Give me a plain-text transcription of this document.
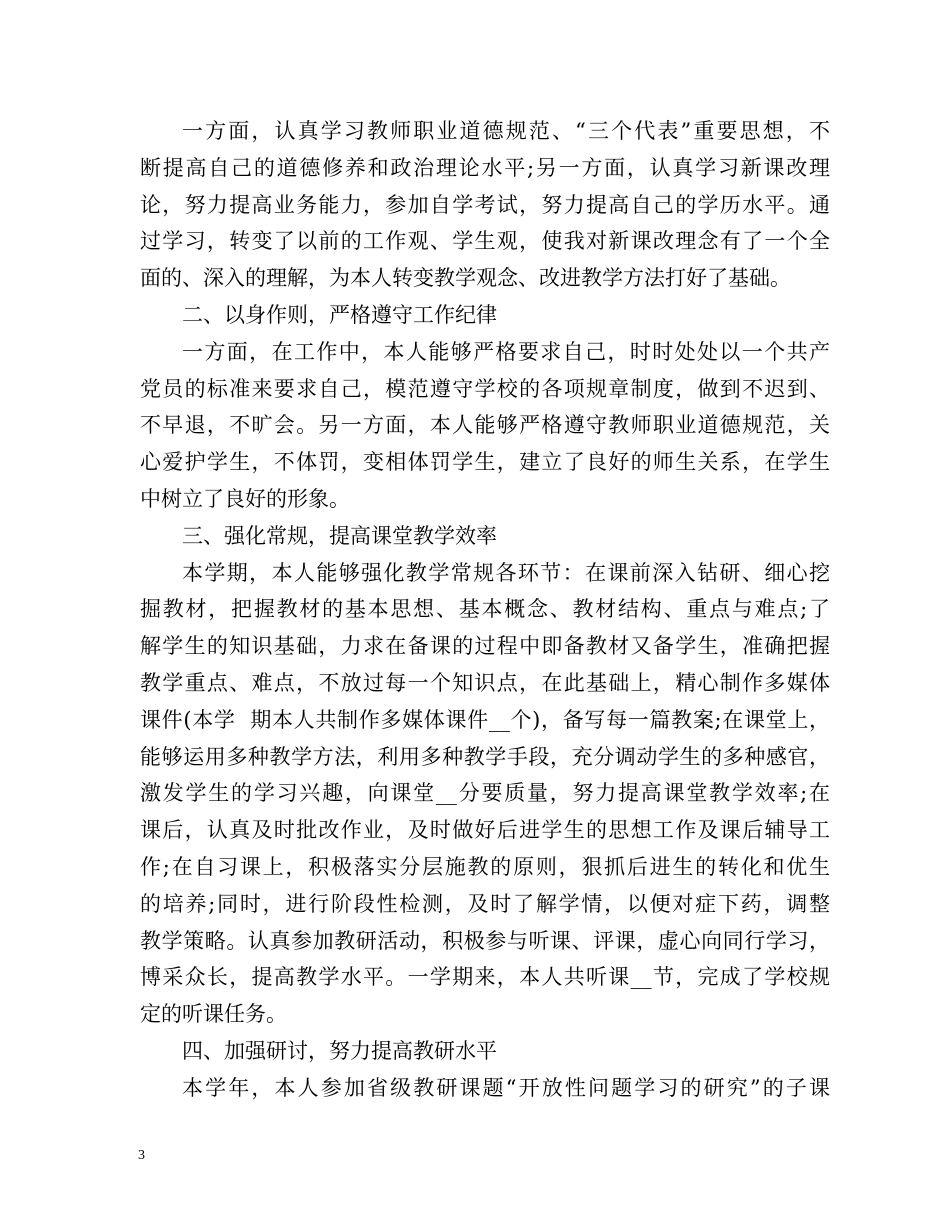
一方面，认真学习教师职业道德规范、“三个代表”重要思想，不
断提高自己的道德修养和政治理论水平;另一方面，认真学习新课改理
论，努力提高业务能力，参加自学考试，努力提高自己的学历水平。通
过学习，转变了以前的工作观、学生观，使我对新课改理念有了一个全
面的、深入的理解，为本人转变教学观念、改进教学方法打好了基础。
二、以身作则，严格遵守工作纪律
一方面，在工作中，本人能够严格要求自己，时时处处以一个共产
党员的标准来要求自己，模范遵守学校的各项规章制度，做到不迟到、
不早退，不旷会。另一方面，本人能够严格遵守教师职业道德规范，关
心爱护学生，不体罚，变相体罚学生，建立了良好的师生关系，在学生
中树立了良好的形象。
三、强化常规，提高课堂教学效率
本学期，本人能够强化教学常规各环节：在课前深入钻研、细心挖
掘教材，把握教材的基本思想、基本概念、教材结构、重点与难点;了
解学生的知识基础，力求在备课的过程中即备教材又备学生，准确把握
教学重点、难点，不放过每一个知识点，在此基础上，精心制作多媒体
课件(本学  期本人共制作多媒体课件__个)，备写每一篇教案;在课堂上，
能够运用多种教学方法，利用多种教学手段，充分调动学生的多种感官，
激发学生的学习兴趣，向课堂__分要质量，努力提高课堂教学效率;在
课后，认真及时批改作业，及时做好后进学生的思想工作及课后辅导工
作;在自习课上，积极落实分层施教的原则，狠抓后进生的转化和优生
的培养;同时，进行阶段性检测，及时了解学情，以便对症下药，调整
教学策略。认真参加教研活动，积极参与听课、评课，虚心向同行学习，
博采众长，提高教学水平。一学期来，本人共听课__节，完成了学校规
定的听课任务。
四、加强研讨，努力提高教研水平
本学年，本人参加省级教研课题“开放性问题学习的研究”的子课
3
